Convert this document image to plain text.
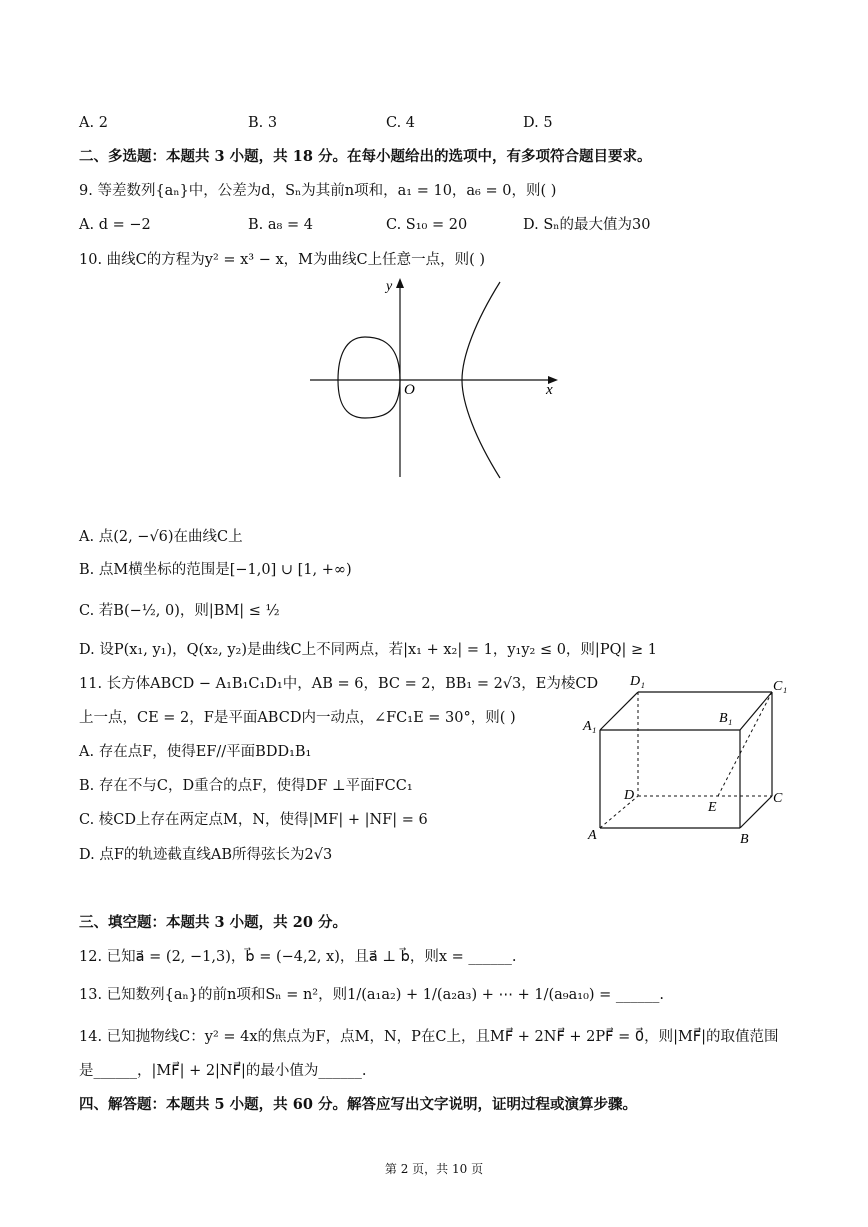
A. 2	B. 3	C. 4	D. 5
二、多选题：本题共 3 小题，共 18 分。在每小题给出的选项中，有多项符合题目要求。
9. 等差数列{aₙ}中，公差为d，Sₙ为其前n项和，a₁ = 10，a₆ = 0，则( )
A. d = −2	B. a₈ = 4	C. S₁₀ = 20	D. Sₙ的最大值为30
10. 曲线C的方程为y² = x³ − x，M为曲线C上任意一点，则( )
y
x
O
A. 点(2, −√6)在曲线C上
B. 点M横坐标的范围是[−1,0] ∪ [1, +∞)
C. 若B(−½, 0)，则|BM| ≤ ½
D. 设P(x₁, y₁)，Q(x₂, y₂)是曲线C上不同两点，若|x₁ + x₂| = 1，y₁y₂ ≤ 0，则|PQ| ≥ 1
11. 长方体ABCD − A₁B₁C₁D₁中，AB = 6，BC = 2，BB₁ = 2√3，E为棱CD
上一点，CE = 2，F是平面ABCD内一动点，∠FC₁E = 30°，则( )
A. 存在点F，使得EF//平面BDD₁B₁
B. 存在不与C，D重合的点F，使得DF ⊥平面FCC₁
C. 棱CD上存在两定点M，N，使得|MF| + |NF| = 6
D. 点F的轨迹截直线AB所得弦长为2√3
D₁	C₁
A₁
B₁
D
E
C
A	B
三、填空题：本题共 3 小题，共 20 分。
12. 已知a⃗ = (2, −1,3)，b⃗ = (−4,2, x)，且a⃗ ⊥ b⃗，则x = ______.
13. 已知数列{aₙ}的前n项和Sₙ = n²，则1/(a₁a₂) + 1/(a₂a₃) + ⋯ + 1/(a₉a₁₀) = ______.
14. 已知抛物线C：y² = 4x的焦点为F，点M，N，P在C上，且MF⃗ + 2NF⃗ + 2PF⃗ = 0⃗，则|MF⃗|的取值范围
是______，|MF⃗| + 2|NF⃗|的最小值为______.
四、解答题：本题共 5 小题，共 60 分。解答应写出文字说明，证明过程或演算步骤。
第 2 页，共 10 页
